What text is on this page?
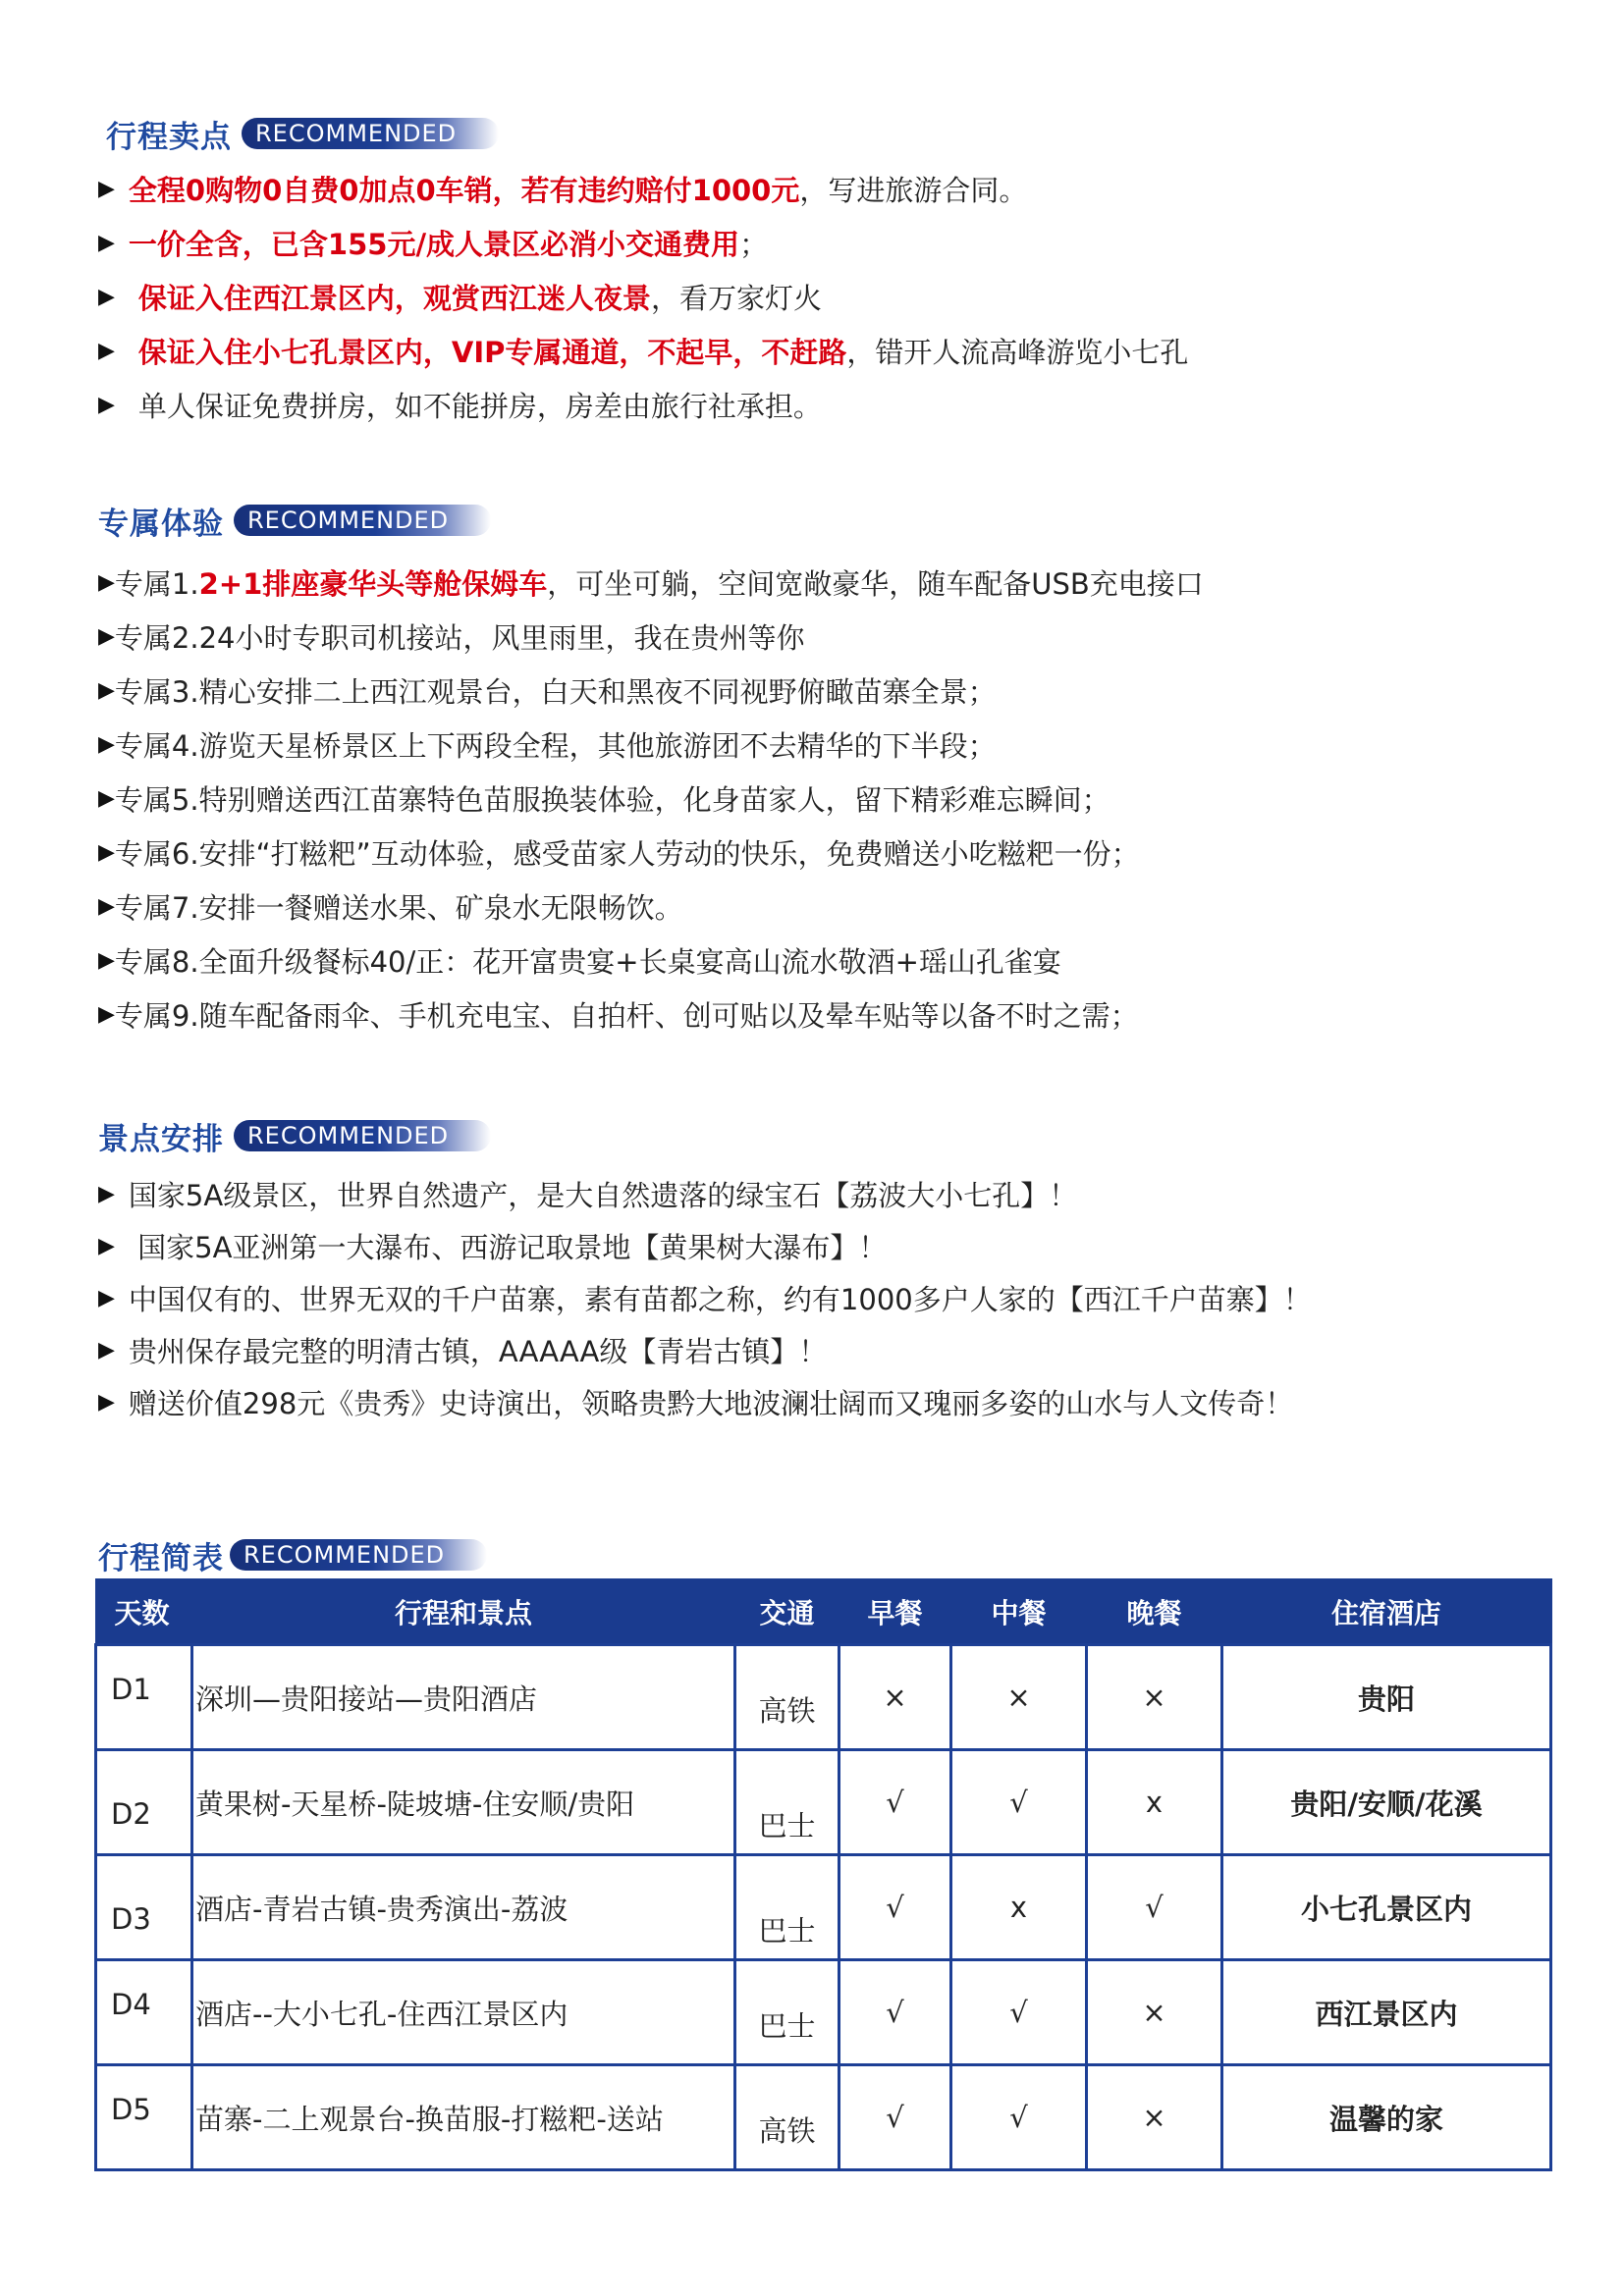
行程卖点 RECOMMENDED
▶ 全程0购物0自费0加点0车销，若有违约赔付1000元 ，写进旅游合同。
▶ 一价全含，已含155元/成人景区必消小交通费用 ；
▶ 保证入住西江景区内，观赏西江迷人夜景 ，看万家灯火
▶ 保证入住小七孔景区内，VIP专属通道，不起早，不赶路 ，错开人流高峰游览小七孔
▶ 单人保证免费拼房，如不能拼房，房差由旅行社承担。
专属体验 RECOMMENDED
▶ 专属1. 2+1排座豪华头等舱保姆车 ，可坐可躺，空间宽敞豪华，随车配备USB充电接口
▶ 专属2. 24小时专职司机接站，风里雨里，我在贵州等你
▶ 专属3. 精心安排二上西江观景台，白天和黑夜不同视野俯瞰苗寨全景；
▶ 专属4. 游览天星桥景区上下两段全程，其他旅游团不去精华的下半段；
▶ 专属5. 特别赠送西江苗寨特色苗服换装体验，化身苗家人，留下精彩难忘瞬间；
▶ 专属6. 安排“打糍粑”互动体验，感受苗家人劳动的快乐，免费赠送小吃糍粑一份；
▶ 专属7. 安排一餐赠送水果、矿泉水无限畅饮。
▶ 专属8. 全面升级餐标40/正：花开富贵宴+长桌宴高山流水敬酒+瑶山孔雀宴
▶ 专属9. 随车配备雨伞、手机充电宝、自拍杆、创可贴以及晕车贴等以备不时之需；
景点安排 RECOMMENDED
▶ 国家5A级景区，世界自然遗产，是大自然遗落的绿宝石【荔波大小七孔】！
▶ 国家5A亚洲第一大瀑布、西游记取景地【黄果树大瀑布】！
▶ 中国仅有的、世界无双的千户苗寨，素有苗都之称，约有1000多户人家的【西江千户苗寨】！
▶ 贵州保存最完整的明清古镇，AAAAA级【青岩古镇】！
▶ 赠送价值298元《贵秀》史诗演出，领略贵黔大地波澜壮阔而又瑰丽多姿的山水与人文传奇！
行程简表 RECOMMENDED
天数	行程和景点	交通	早餐	中餐	晚餐	住宿酒店
D1	深圳—贵阳接站—贵阳酒店	高铁	×	×	×	贵阳
D2	黄果树-天星桥-陡坡塘-住安顺/贵阳	巴士	√	√	x	贵阳/安顺/花溪
D3	酒店-青岩古镇-贵秀演出-荔波	巴士	√	x	√	小七孔景区内
D4	酒店--大小七孔-住西江景区内	巴士	√	√	×	西江景区内
D5	苗寨-二上观景台-换苗服-打糍粑-送站	高铁	√	√	×	温馨的家
